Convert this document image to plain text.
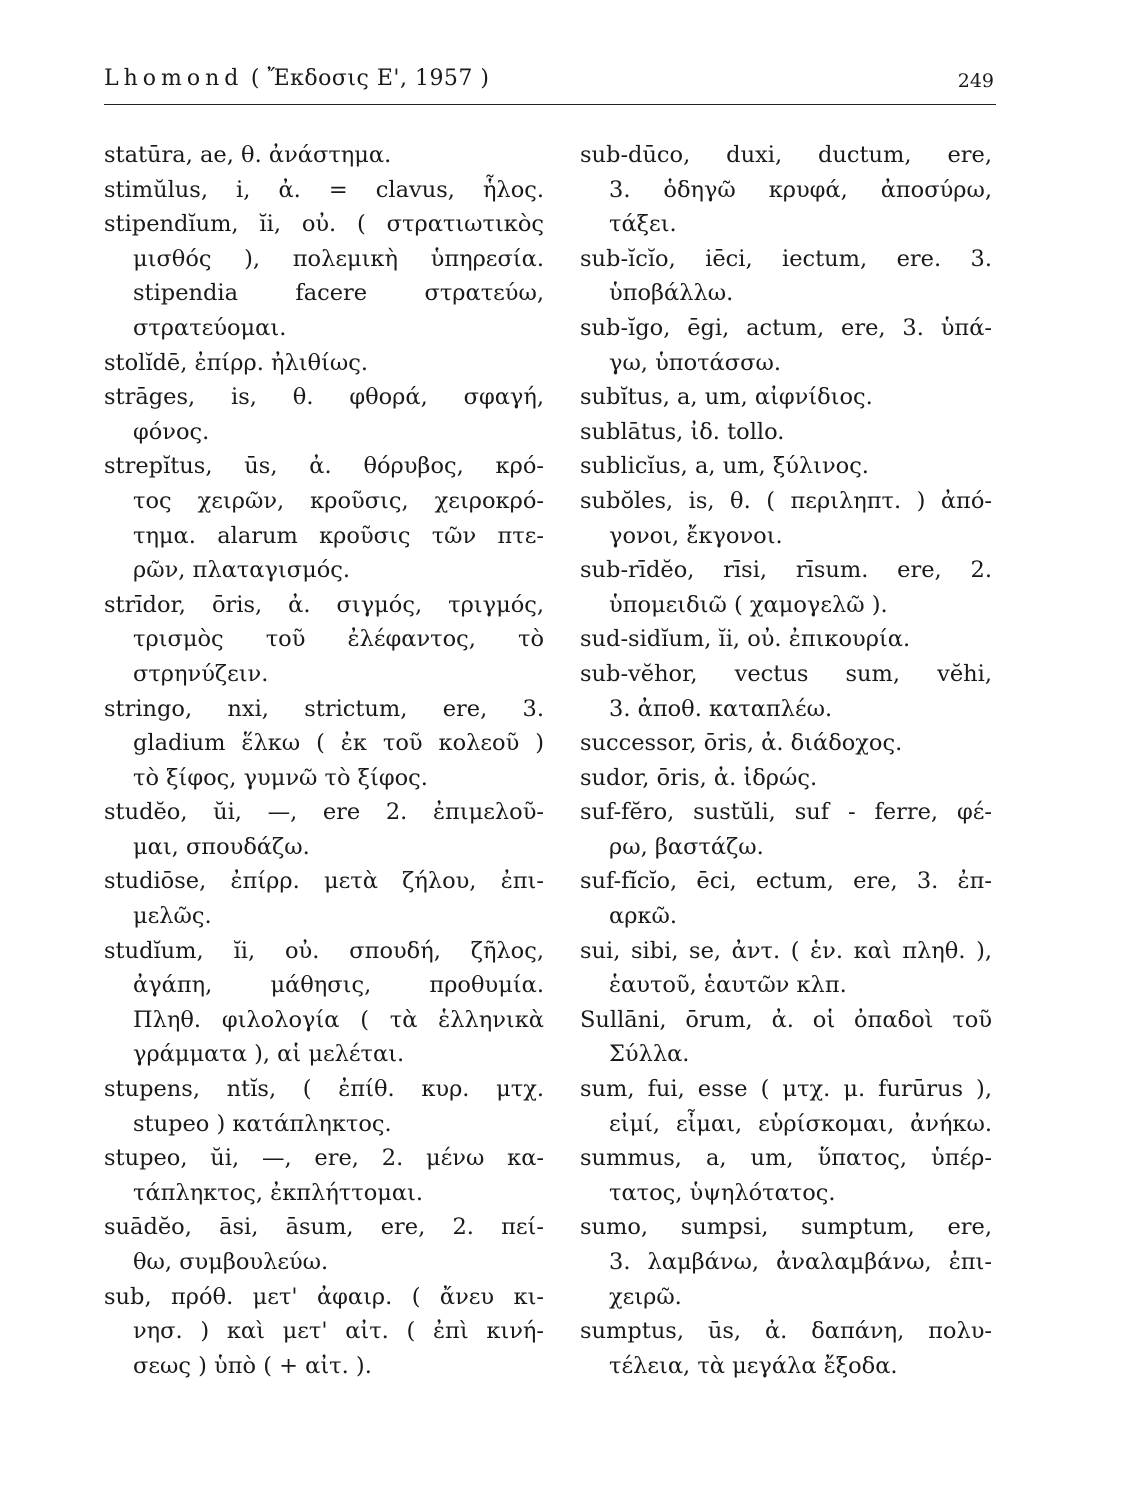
Lhomond ( Ἔκδοσις Ε', 1957 )	249
statūra, ae, θ. ἀνάστημα.
stimŭlus, i, ἀ. = clavus, ἧλος.
stipendĭum, ĭi, οὐ. ( στρατιωτικὸς
μισθός ), πολεμικὴ ὑπηρεσία.
stipendia facere στρατεύω,
στρατεύομαι.
stolĭdē, ἐπίρρ. ἠλιθίως.
strāges, is, θ. φθορά, σφαγή,
φόνος.
strepĭtus, ūs, ἀ. θόρυβος, κρό-
τος χειρῶν, κροῦσις, χειροκρό-
τημα. alarum κροῦσις τῶν πτε-
ρῶν, πλαταγισμός.
strīdor, ōris, ἀ. σιγμός, τριγμός,
τρισμὸς τοῦ ἐλέφαντος, τὸ
στρηνύζειν.
stringo, nxi, strictum, ere, 3.
gladium ἕλκω ( ἐκ τοῦ κολεοῦ )
τὸ ξίφος, γυμνῶ τὸ ξίφος.
studĕo, ŭi, —, ere 2. ἐπιμελοῦ-
μαι, σπουδάζω.
studiōse, ἐπίρρ. μετὰ ζήλου, ἐπι-
μελῶς.
studĭum, ĭi, οὐ. σπουδή, ζῆλος,
ἀγάπη, μάθησις, προθυμία.
Πληθ. φιλολογία ( τὰ ἑλληνικὰ
γράμματα ), αἱ μελέται.
stupens, ntĭs, ( ἐπίθ. κυρ. μτχ.
stupeo ) κατάπληκτος.
stupeo, ŭi, —, ere, 2. μένω κα-
τάπληκτος, ἐκπλήττομαι.
suādĕo, āsi, āsum, ere, 2. πεί-
θω, συμβουλεύω.
sub, πρόθ. μετ' ἀφαιρ. ( ἄνευ κι-
νησ. ) καὶ μετ' αἰτ. ( ἐπὶ κινή-
σεως ) ὑπὸ ( + αἰτ. ).
sub-dūco, duxi, ductum, ere,
3. ὁδηγῶ κρυφά, ἀποσύρω,
τάξει.
sub-ĭcĭo, iēci, iectum, ere. 3.
ὑποβάλλω.
sub-ĭgo, ēgi, actum, ere, 3. ὑπά-
γω, ὑποτάσσω.
subĭtus, a, um, αἰφνίδιος.
sublātus, ἰδ. tollo.
sublicĭus, a, um, ξύλινος.
subŏles, is, θ. ( περιληπτ. ) ἀπό-
γονοι, ἔκγονοι.
sub-rīdĕo, rīsi, rīsum. ere, 2.
ὑπομειδιῶ ( χαμογελῶ ).
sud-sidĭum, ĭi, οὐ. ἐπικουρία.
sub-vĕhor, vectus sum, vĕhi,
3. ἀποθ. καταπλέω.
successor, ōris, ἀ. διάδοχος.
sudor, ōris, ἀ. ἱδρώς.
suf-fĕro, sustŭli, suf - ferre, φέ-
ρω, βαστάζω.
suf-fĭcĭo, ēci, ectum, ere, 3. ἐπ-
αρκῶ.
sui, sibi, se, ἀντ. ( ἑν. καὶ πληθ. ),
ἑαυτοῦ, ἑαυτῶν κλπ.
Sullāni, ōrum, ἀ. οἱ ὀπαδοὶ τοῦ
Σύλλα.
sum, fui, esse ( μτχ. μ. furūrus ),
εἰμί, εἶμαι, εὑρίσκομαι, ἀνήκω.
summus, a, um, ὕπατος, ὑπέρ-
τατος, ὑψηλότατος.
sumo, sumpsi, sumptum, ere,
3. λαμβάνω, ἀναλαμβάνω, ἐπι-
χειρῶ.
sumptus, ūs, ἀ. δαπάνη, πολυ-
τέλεια, τὰ μεγάλα ἔξοδα.
